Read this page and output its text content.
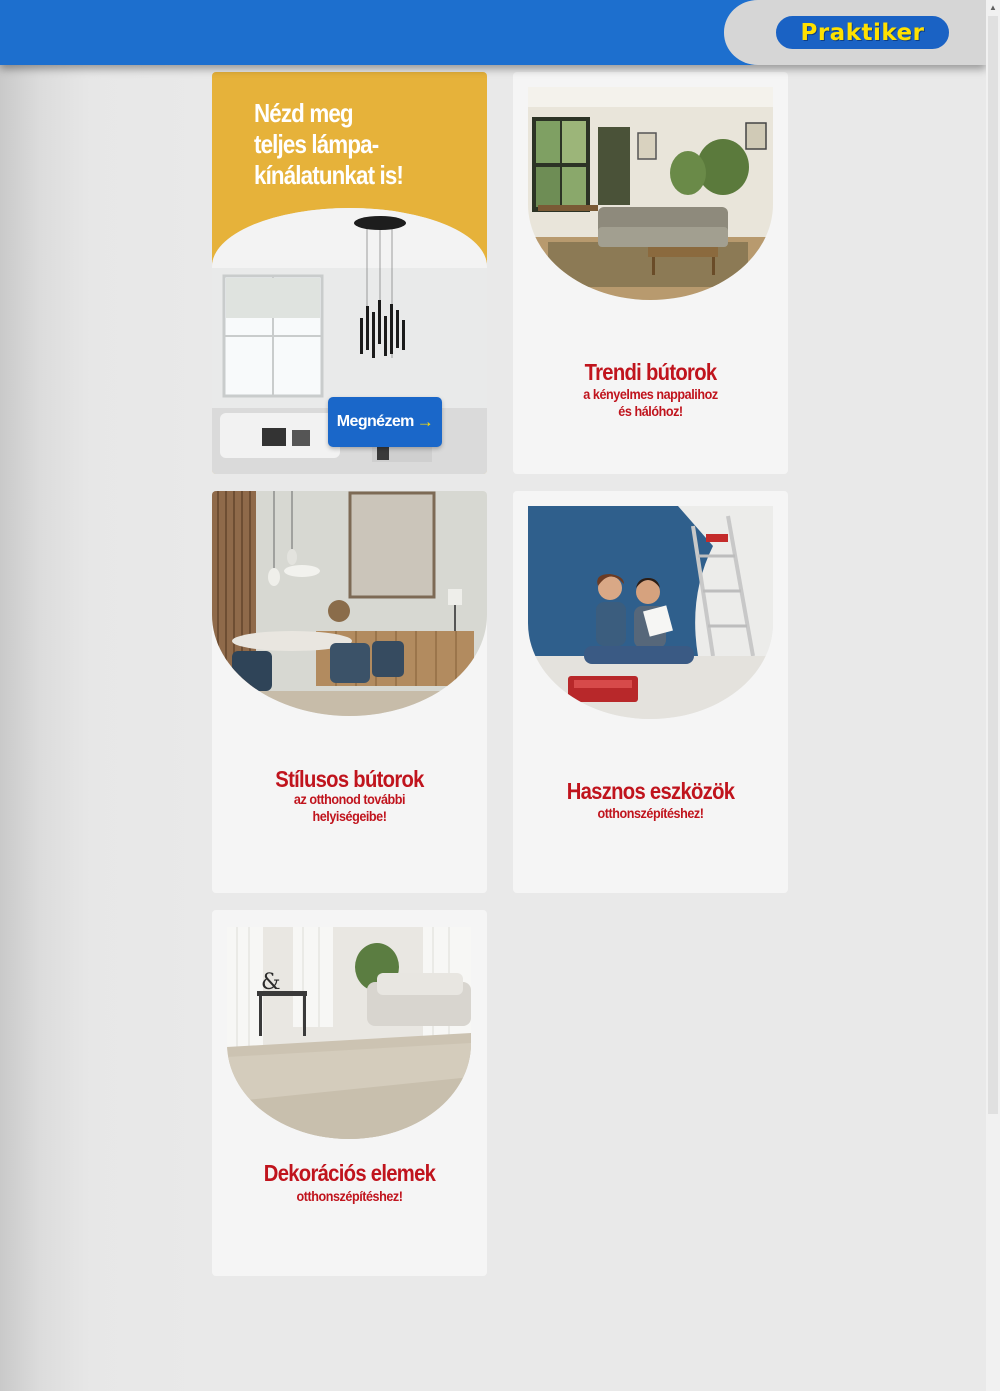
Praktiker
▲
Nézd meg
teljes lámpa-
kínálatunkat is!
Megnézem →
Trendi bútorok
a kényelmes nappalihoz
és hálóhoz!
Stílusos bútorok
az otthonod további
helyiségeibe!
Hasznos eszközök
otthonszépítéshez!
&
Dekorációs elemek
otthonszépítéshez!
